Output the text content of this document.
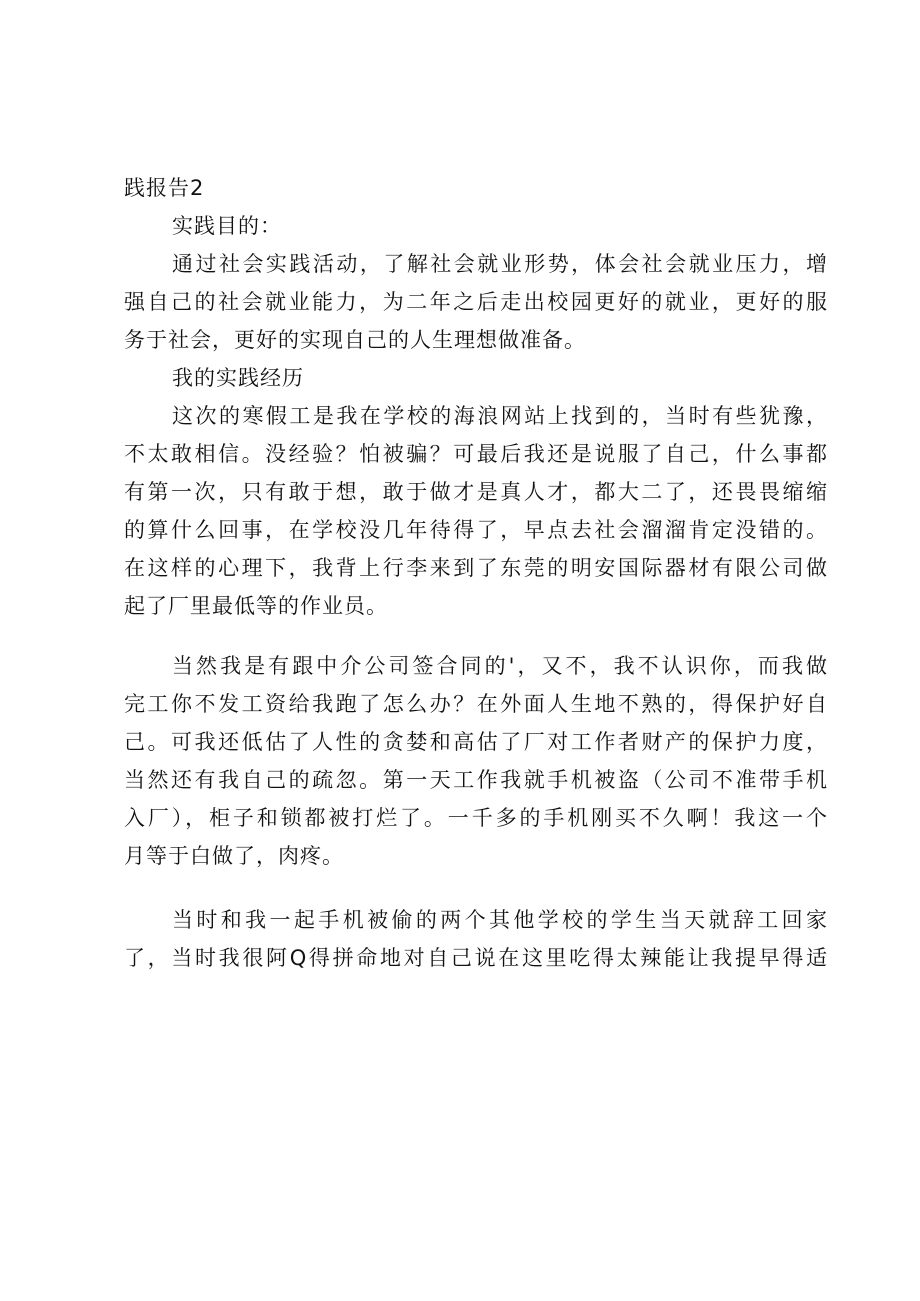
践报告2
实践目的：
通过社会实践活动，了解社会就业形势，体会社会就业压力，增
强自己的社会就业能力，为二年之后走出校园更好的就业，更好的服
务于社会，更好的实现自己的人生理想做准备。
我的实践经历
这次的寒假工是我在学校的海浪网站上找到的，当时有些犹豫，
不太敢相信。没经验？怕被骗？可最后我还是说服了自己，什么事都
有第一次，只有敢于想，敢于做才是真人才，都大二了，还畏畏缩缩
的算什么回事，在学校没几年待得了，早点去社会溜溜肯定没错的。
在这样的心理下，我背上行李来到了东莞的明安国际器材有限公司做
起了厂里最低等的作业员。
当然我是有跟中介公司签合同的'，又不，我不认识你，而我做
完工你不发工资给我跑了怎么办？在外面人生地不熟的，得保护好自
己。可我还低估了人性的贪婪和高估了厂对工作者财产的保护力度，
当然还有我自己的疏忽。第一天工作我就手机被盗（公司不准带手机
入厂），柜子和锁都被打烂了。一千多的手机刚买不久啊！我这一个
月等于白做了，肉疼。
当时和我一起手机被偷的两个其他学校的学生当天就辞工回家
了，当时我很阿Q得拼命地对自己说在这里吃得太辣能让我提早得适
